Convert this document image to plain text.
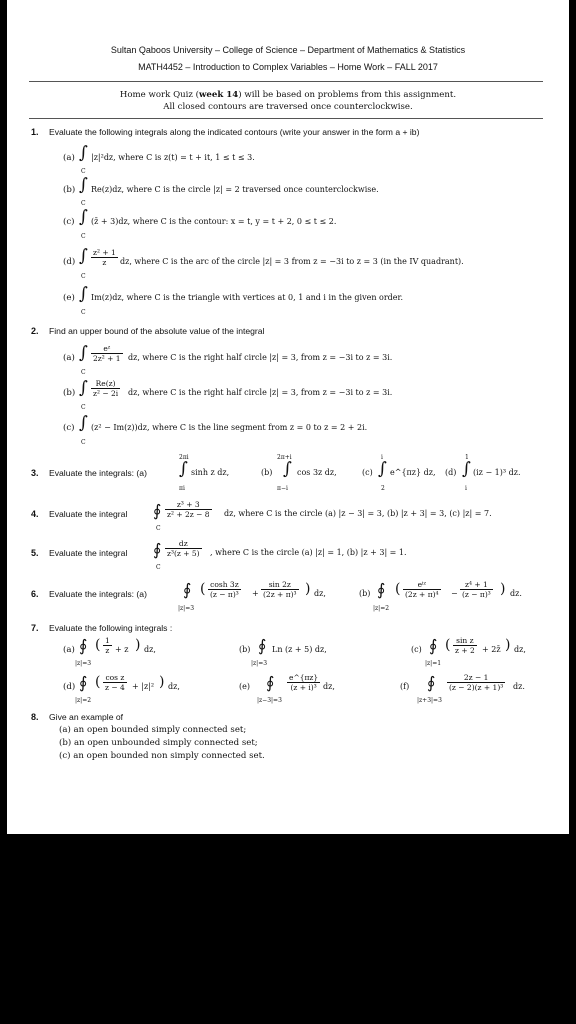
Sultan Qaboos University – College of Science – Department of Mathematics & Statistics
MATH4452 – Introduction to Complex Variables – Home Work – FALL 2017
Home work Quiz (week 14) will be based on problems from this assignment.
All closed contours are traversed once counterclockwise.
1. Evaluate the following integrals along the indicated contours (write your answer in the form a + ib)
(a) ∫
C
|z|²dz, where C is z(t) = t + it, 1 ≤ t ≤ 3.
(b) ∫
C
Re(z)dz, where C is the circle |z| = 2 traversed once counterclockwise.
(c) ∫
C
(z̄ + 3)dz, where C is the contour: x = t, y = t + 2, 0 ≤ t ≤ 2.
(d) ∫
C
$\frac{\text{z² + 1}}{z}$ dz, where C is the arc of the circle |z| = 3 from z = −3i to z = 3 (in the IV quadrant).
(e) ∫
C
Im(z)dz, where C is the triangle with vertices at 0, 1 and i in the given order.
2. Find an upper bound of the absolute value of the integral
(a) ∫
C
$\frac{\text{eᶻ}}{\text{2z² + 1}}$ dz, where C is the right half circle |z| = 3, from z = −3i to z = 3i.
(b) ∫
C
$\frac{Re(z)}{\text{z² − 2i}}$ dz, where C is the right half circle |z| = 3, from z = −3i to z = 3i.
(c) ∫
C
(z² − Im(z))dz, where C is the line segment from z = 0 to z = 2 + 2i.
3. Evaluate the integrals: (a)
2πi
∫
πi
sinh z dz,	(b)
2π+i
∫
π−i
cos 3z dz,	(c)
i
∫
2
e^{πz} dz, (d)
1
∫
i
(iz − 1)³ dz.
4. Evaluate the integral ∮
C
$\frac{\text{z³ + 3}}{\text{z² + 2z − 8}}$ dz, where C is the circle (a) |z − 3| = 3, (b) |z + 3| = 3, (c) |z| = 7.
5. Evaluate the integral ∮
C
$\frac{dz}{\text{z³(z + 5)}}$ , where C is the circle (a) |z| = 1, (b) |z + 3| = 1.
6. Evaluate the integrals: (a) ∮
|z|=3
( $\frac{\cosh 3z}{\text{(z − π)³}} + \frac{\sin 2z}{\text{(2z + π)³}}$ ) dz,	(b) ∮
|z|=2
(	eⁱᶻ
$(2z + \pi)^4 - \frac{\text{z⁴ + 1}}{\text{(z − π)³}}$ ) dz.
7. Evaluate the following integrals :
(a) ∮
|z|=3
( $\frac{1}{z} + z$ ) dz,	(b) ∮
|z|=3
Ln (z + 5) dz,	(c) ∮
|z|=1
( $\frac{\text{sin z}}{z + 2}$ + 2z̄ ) dz,
(d) ∮
|z|=2
( $\frac{\text{cos z}}{z - 4} + |z|^2$ ) dz,	(e) ∮
|z−3|=3
$\frac{e\^{}\{\pi z\}}{\text{(z + i)³}}$ dz,	(f) ∮
|z+3|=3
$\frac{2z - 1}{\text{(z − 2)(z + 1)³}}$ dz.
8. Give an example of
(a) an open bounded simply connected set;
(b) an open unbounded simply connected set;
(c) an open bounded non simply connected set.
